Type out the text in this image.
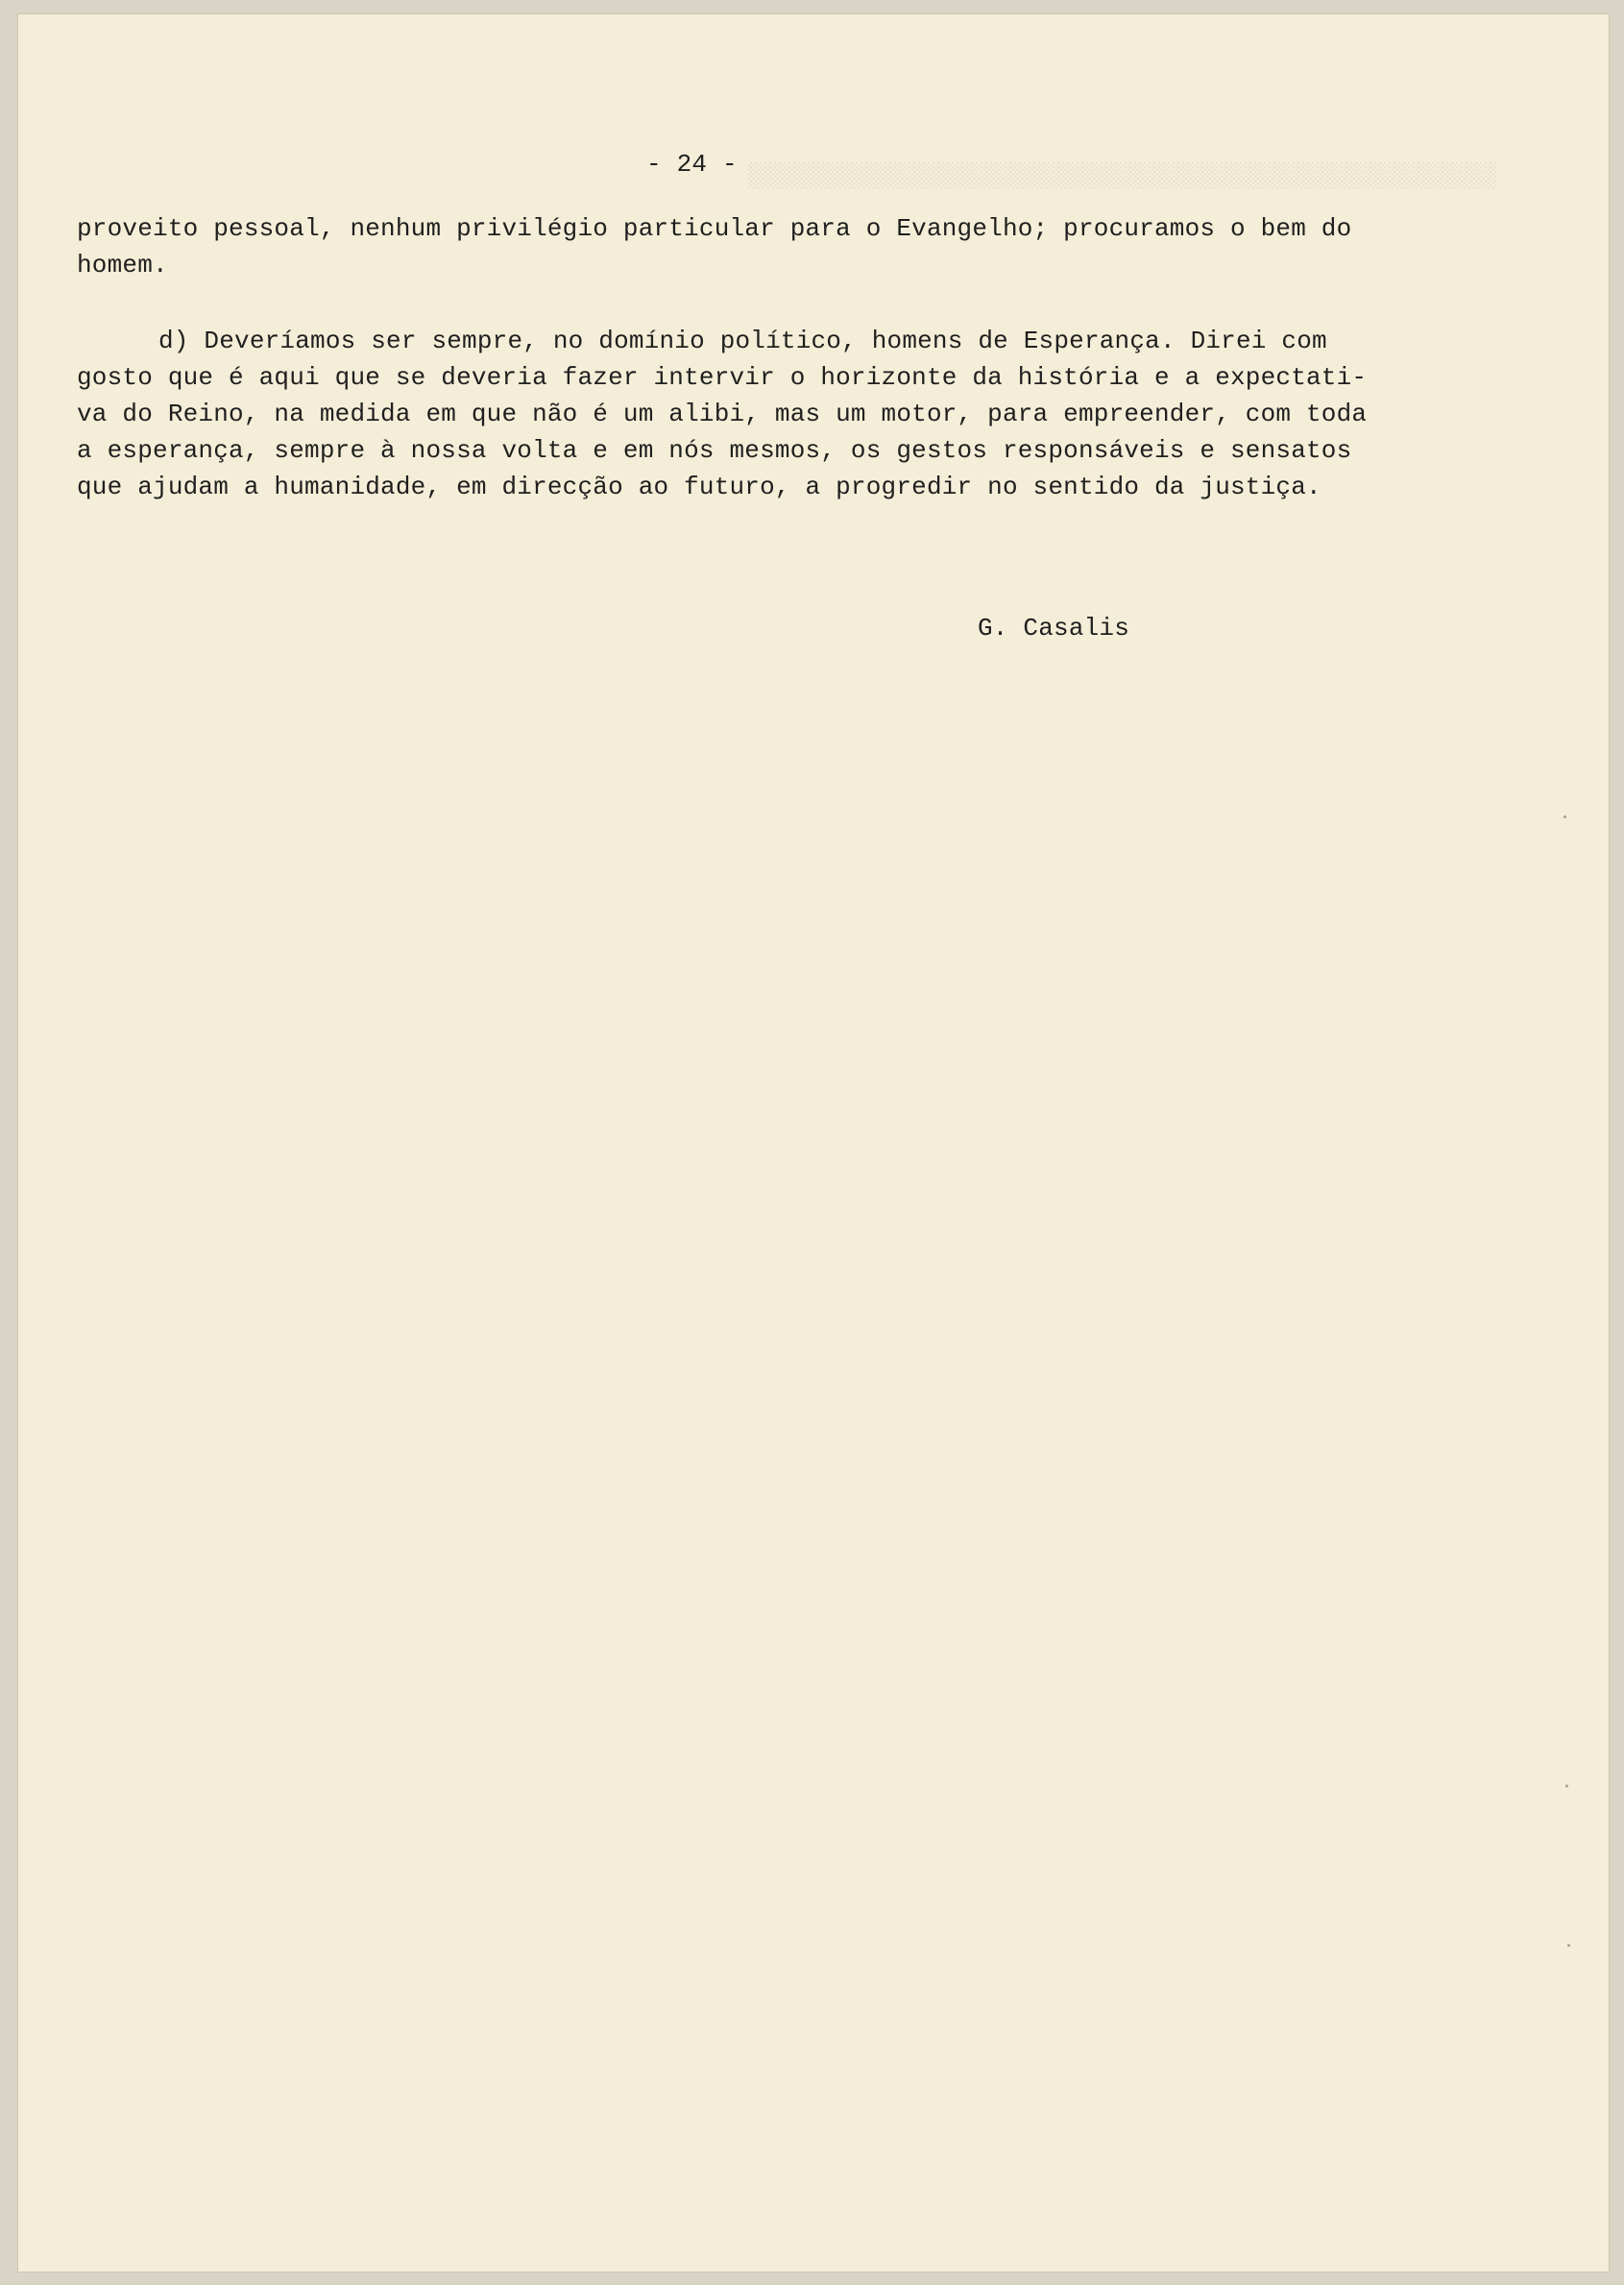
░░░░░░░░░░░░░░░░░░░░░░░░░░░░░░░░░░░░░░░░░░░░░░░░░░░░
- 24 -
proveito pessoal, nenhum privilégio particular para o Evangelho; procuramos o bem do
homem.
d) Deveríamos ser sempre, no domínio político, homens de Esperança. Direi com
gosto que é aqui que se deveria fazer intervir o horizonte da história e a expectati-
va do Reino, na medida em que não é um alibi, mas um motor, para empreender, com toda
a esperança, sempre à nossa volta e em nós mesmos, os gestos responsáveis e sensatos
que ajudam a humanidade, em direcção ao futuro, a progredir no sentido da justiça.
G. Casalis
